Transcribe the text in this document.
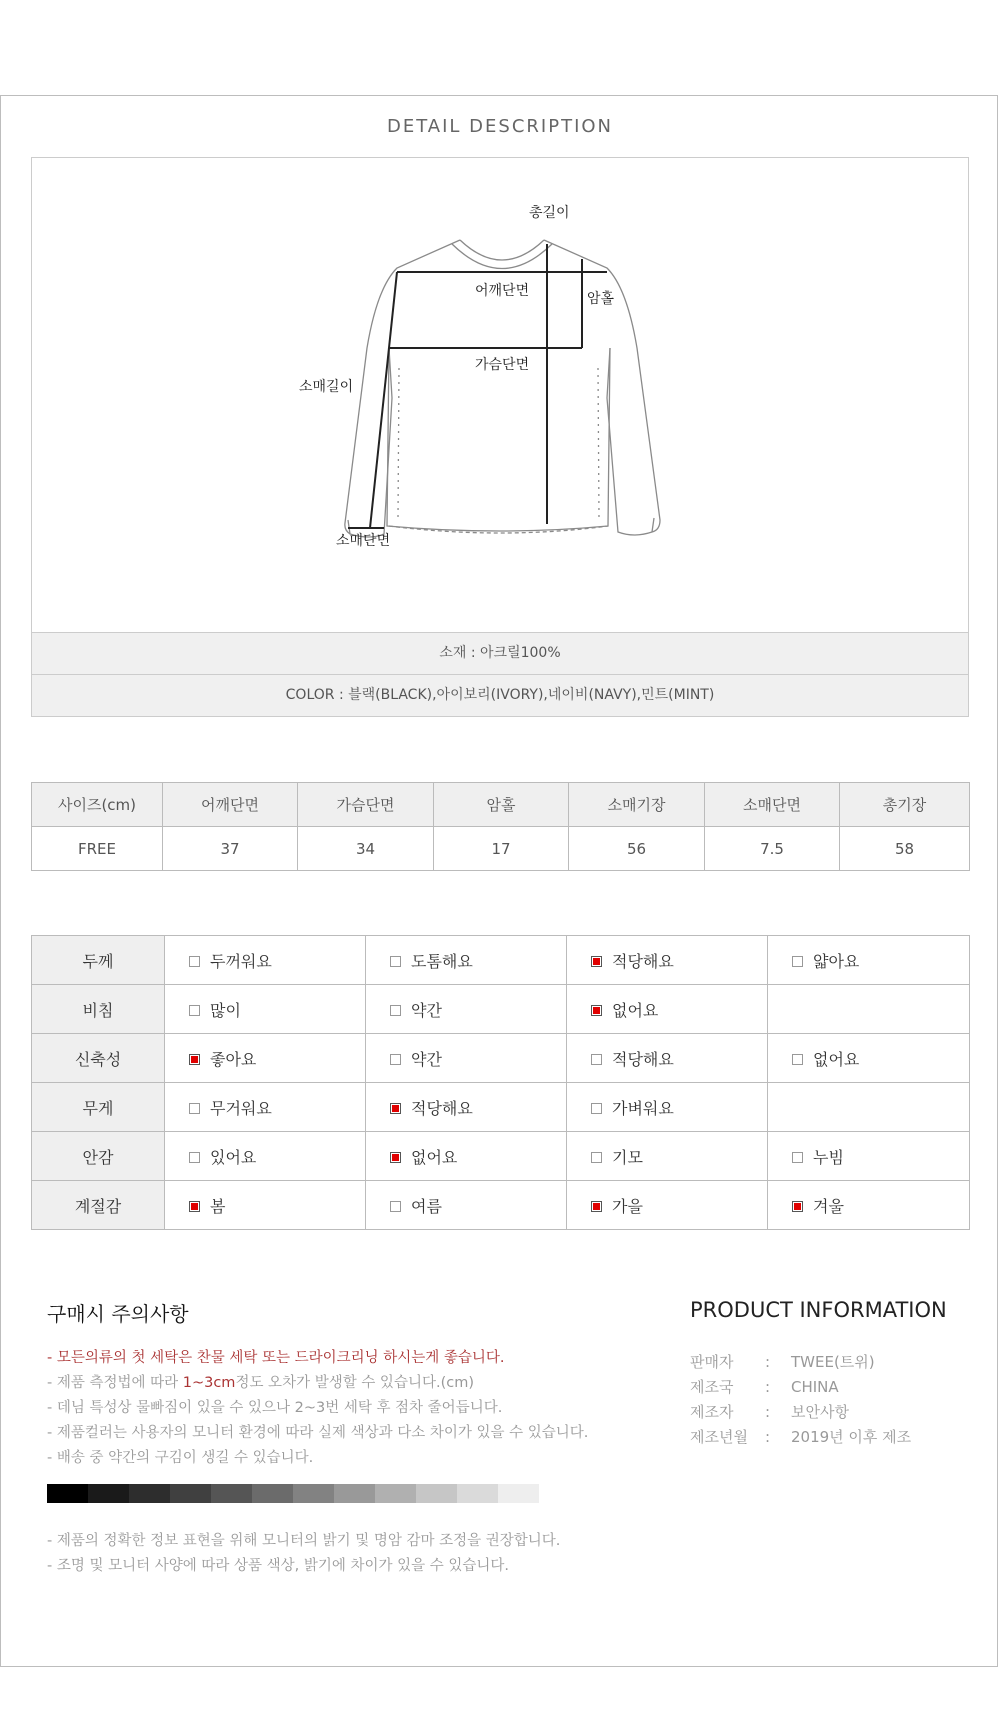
DETAIL DESCRIPTION
총길이
어깨단면	암홀
가슴단면
소매길이
소매단면
소재 : 아크릴100%
COLOR : 블랙(BLACK),아이보리(IVORY),네이비(NAVY),민트(MINT)
사이즈(cm)	어깨단면	가슴단면	암홀	소매기장	소매단면	총기장
FREE	37	34	17	56	7.5	58
두께	두꺼워요	도톰해요	적당해요	얇아요
비침	많이	약간	없어요	
신축성	좋아요	약간	적당해요	없어요
무게	무거워요	적당해요	가벼워요	
안감	있어요	없어요	기모	누빔
계절감	봄	여름	가을	겨울
구매시 주의사항
- 모든의류의 첫 세탁은 찬물 세탁 또는 드라이크리닝 하시는게 좋습니다.
- 제품 측정법에 따라 1~3cm정도 오차가 발생할 수 있습니다.(cm)
- 데님 특성상 물빠짐이 있을 수 있으나 2~3번 세탁 후 점차 줄어듭니다.
- 제품컬러는 사용자의 모니터 환경에 따라 실제 색상과 다소 차이가 있을 수 있습니다.
- 배송 중 약간의 구김이 생길 수 있습니다.
- 제품의 정확한 정보 표현을 위해 모니터의 밝기 및 명암 감마 조정을 권장합니다.
- 조명 및 모니터 사양에 따라 상품 색상, 밝기에 차이가 있을 수 있습니다.
PRODUCT INFORMATION
판매자 : TWEE(트위)
제조국 : CHINA
제조자 : 보안사항
제조년월 : 2019년 이후 제조
